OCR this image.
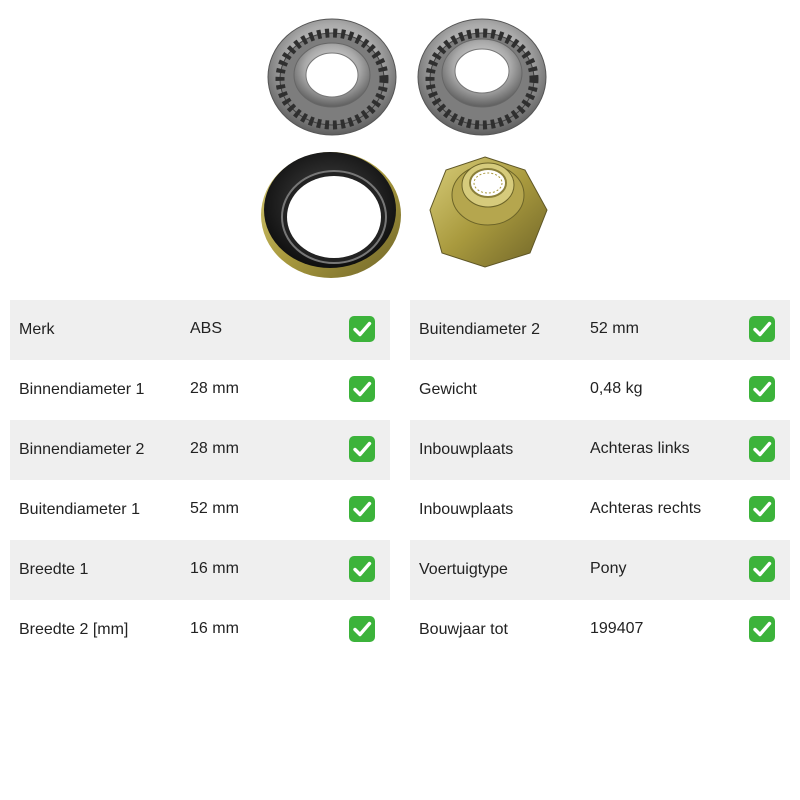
Merk	ABS
Binnendiameter 1	28 mm
Binnendiameter 2	28 mm
Buitendiameter 1	52 mm
Breedte 1	16 mm
Breedte 2 [mm]	16 mm
Buitendiameter 2	52 mm
Gewicht	0,48 kg
Inbouwplaats	Achteras links
Inbouwplaats	Achteras rechts
Voertuigtype	Pony
Bouwjaar tot	199407
